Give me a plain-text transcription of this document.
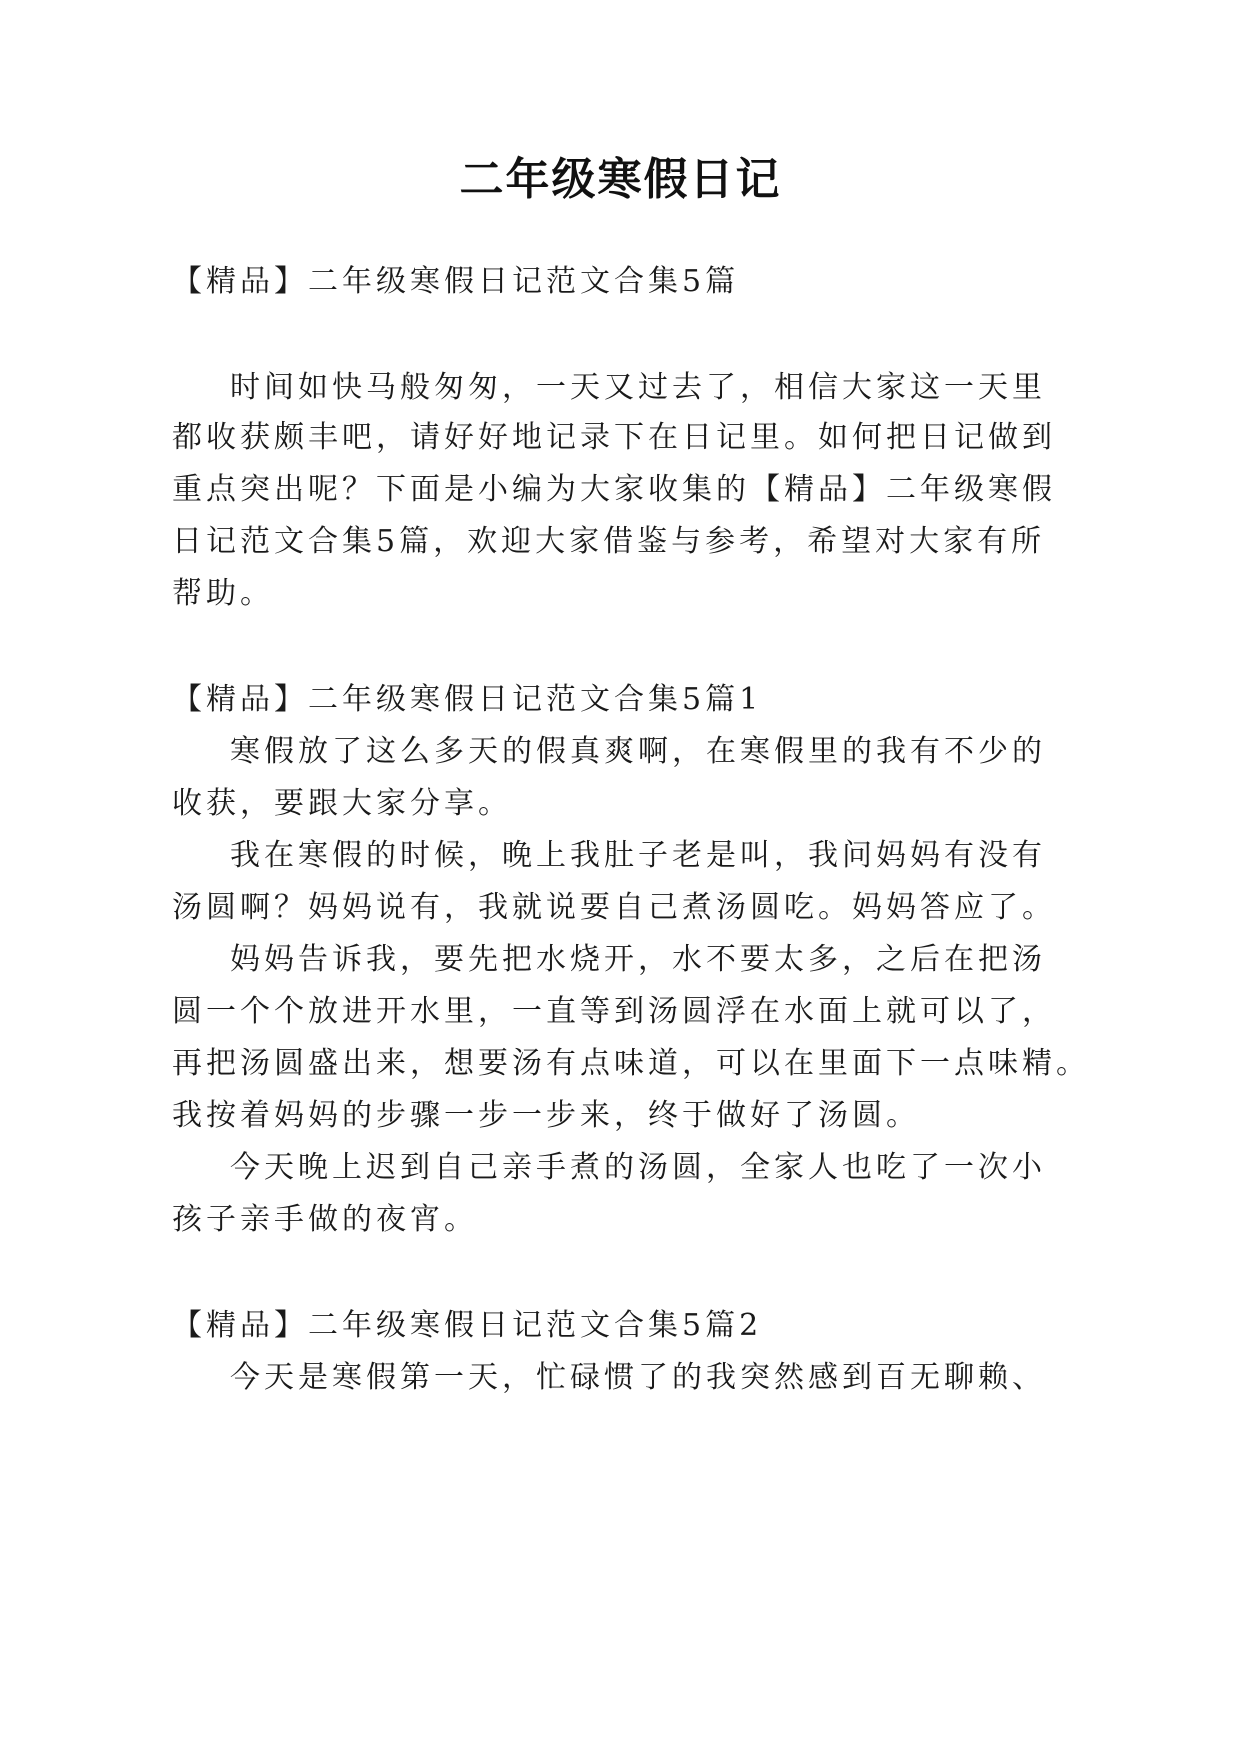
二年级寒假日记
【精品】二年级寒假日记范文合集5篇
时间如快马般匆匆，一天又过去了，相信大家这一天里
都收获颇丰吧，请好好地记录下在日记里。如何把日记做到
重点突出呢？下面是小编为大家收集的【精品】二年级寒假
日记范文合集5篇，欢迎大家借鉴与参考，希望对大家有所
帮助。
【精品】二年级寒假日记范文合集5篇1
寒假放了这么多天的假真爽啊，在寒假里的我有不少的
收获，要跟大家分享。
我在寒假的时候，晚上我肚子老是叫，我问妈妈有没有
汤圆啊？妈妈说有，我就说要自己煮汤圆吃。妈妈答应了。
妈妈告诉我，要先把水烧开，水不要太多，之后在把汤
圆一个个放进开水里，一直等到汤圆浮在水面上就可以了，
再把汤圆盛出来，想要汤有点味道，可以在里面下一点味精。
我按着妈妈的步骤一步一步来，终于做好了汤圆。
今天晚上迟到自己亲手煮的汤圆，全家人也吃了一次小
孩子亲手做的夜宵。
【精品】二年级寒假日记范文合集5篇2
今天是寒假第一天，忙碌惯了的我突然感到百无聊赖、
